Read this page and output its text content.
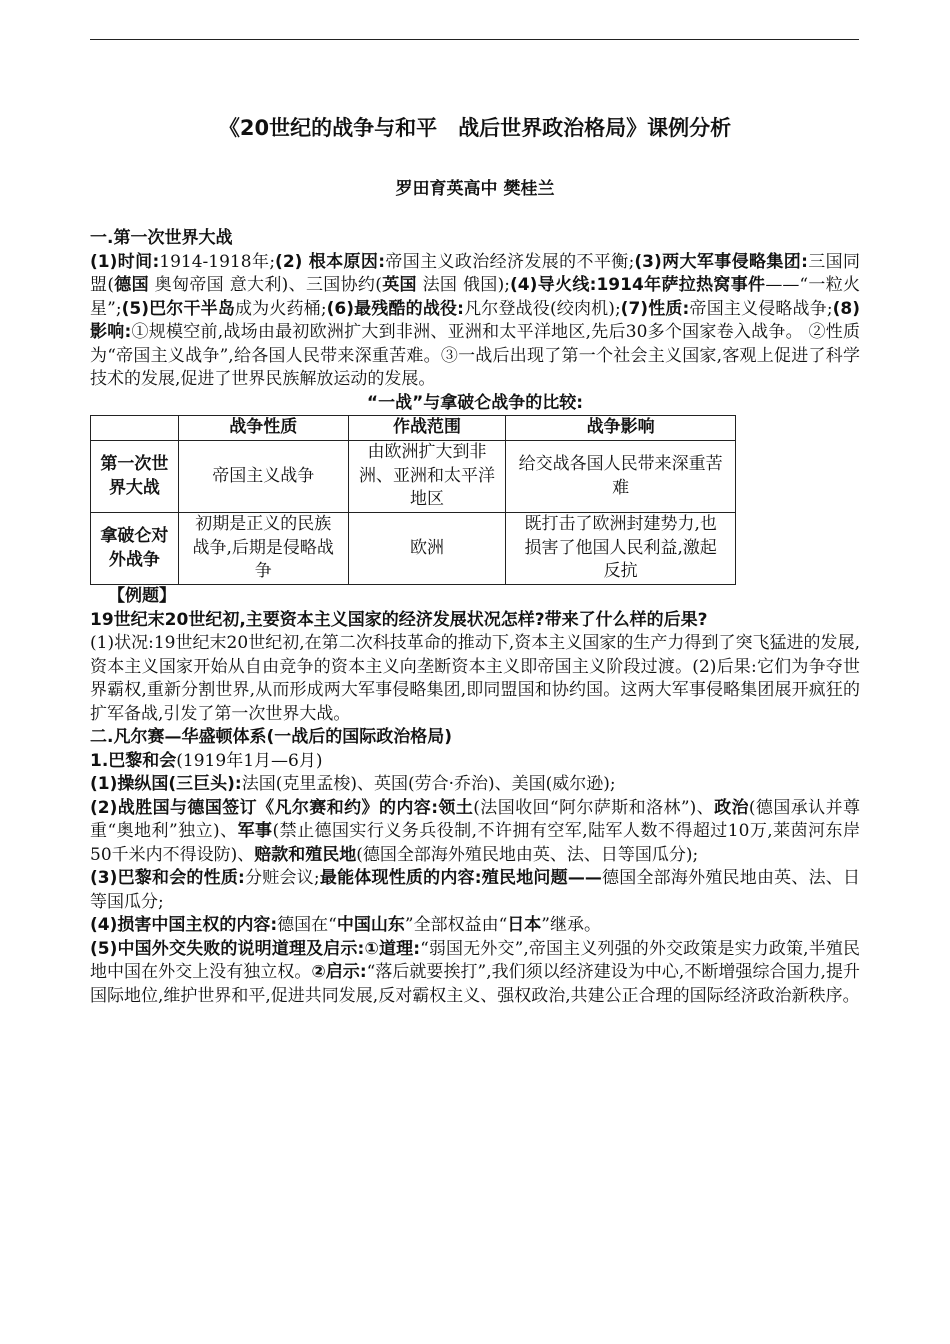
《20世纪的战争与和平　战后世界政治格局》课例分析
罗田育英高中 樊桂兰

一.第一次世界大战

(1)时间:1914-1918年;(2) 根本原因:帝国主义政治经济发展的不平衡;(3)两大军事侵略集团:三国同盟(德国 奥匈帝国 意大利)、三国协约(英国 法国 俄国);(4)导火线:1914年萨拉热窝事件——“一粒火星”;(5)巴尔干半岛成为火药桶;(6)最残酷的战役:凡尔登战役(绞肉机);(7)性质:帝国主义侵略战争;(8)影响:①规模空前,战场由最初欧洲扩大到非洲、亚洲和太平洋地区,先后30多个国家卷入战争。 ②性质为“帝国主义战争”,给各国人民带来深重苦难。③一战后出现了第一个社会主义国家,客观上促进了科学技术的发展,促进了世界民族解放运动的发展。

“一战”与拿破仑战争的比较:

	战争性质	作战范围	战争影响
第一次世界大战	帝国主义战争	由欧洲扩大到非洲、亚洲和太平洋地区	给交战各国人民带来深重苦难
拿破仑对外战争	初期是正义的民族战争,后期是侵略战争	欧洲	既打击了欧洲封建势力,也损害了他国人民利益,激起反抗

【例题】

19世纪末20世纪初,主要资本主义国家的经济发展状况怎样?带来了什么样的后果?

(1)状况:19世纪末20世纪初,在第二次科技革命的推动下,资本主义国家的生产力得到了突飞猛进的发展,资本主义国家开始从自由竞争的资本主义向垄断资本主义即帝国主义阶段过渡。(2)后果:它们为争夺世界霸权,重新分割世界,从而形成两大军事侵略集团,即同盟国和协约国。这两大军事侵略集团展开疯狂的扩军备战,引发了第一次世界大战。

二.凡尔赛—华盛顿体系(一战后的国际政治格局)

1.巴黎和会(1919年1月—6月)

(1)操纵国(三巨头):法国(克里孟梭)、英国(劳合·乔治)、美国(威尔逊);

(2)战胜国与德国签订《凡尔赛和约》的内容:领土(法国收回“阿尔萨斯和洛林”)、政治(德国承认并尊重“奥地利”独立)、军事(禁止德国实行义务兵役制,不许拥有空军,陆军人数不得超过10万,莱茵河东岸50千米内不得设防)、赔款和殖民地(德国全部海外殖民地由英、法、日等国瓜分);

(3)巴黎和会的性质:分赃会议;最能体现性质的内容:殖民地问题——德国全部海外殖民地由英、法、日等国瓜分;

(4)损害中国主权的内容:德国在“中国山东”全部权益由“日本”继承。

(5)中国外交失败的说明道理及启示:①道理:“弱国无外交”,帝国主义列强的外交政策是实力政策,半殖民地中国在外交上没有独立权。②启示:“落后就要挨打”,我们须以经济建设为中心,不断增强综合国力,提升国际地位,维护世界和平,促进共同发展,反对霸权主义、强权政治,共建公正合理的国际经济政治新秩序。
